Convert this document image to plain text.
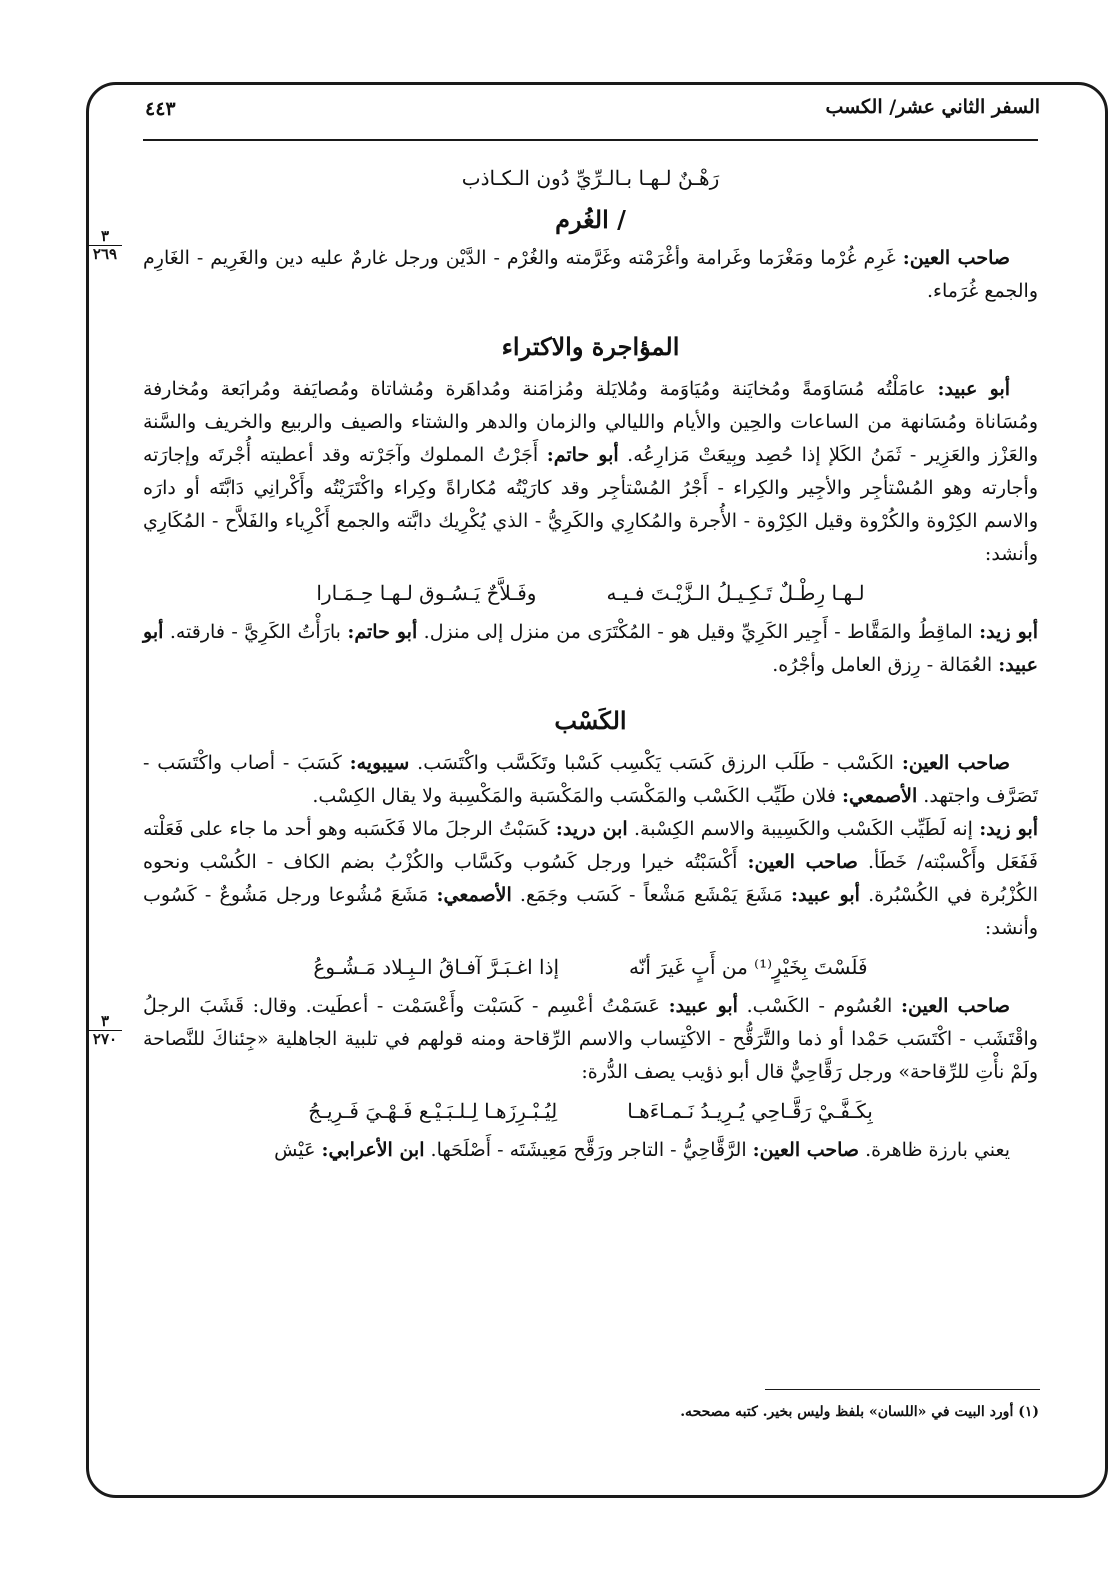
السفر الثاني عشر/ الكسب
٤٤٣
٣
٢٦٩
٣
٢٧٠
رَهْـنٌ لـهـا بـالـرِّيِّ دُون الـكـاذب
/ الغُرم

صاحب العين: غَرِم غُرْما ومَغْرَما وغَرامة وأغْرَمْته وغَرَّمته والغُرْم - الدَّيْن ورجل غارمٌ عليه دين والغَرِيم - الغَارِم والجمع غُرَماء.

المؤاجرة والاكتراء

أبو عبيد: عامَلْتُه مُسَاوَمةً ومُخايَنة ومُيَاوَمة ومُلايَلة ومُزامَنة ومُداهَرة ومُشاتاة ومُصايَفة ومُرابَعة ومُخارفة ومُسَاناة ومُسَانهة من الساعات والحِين والأيام والليالي والزمان والدهر والشتاء والصيف والربيع والخريف والسَّنة والعَزْز والعَزِير - ثَمَنُ الكَلإ إذا حُصِد وبِيعَتْ مَزارِعُه. أبو حاتم: أَجَرْتُ المملوك وآجَرْته وقد أعطيته أُجْرتَه وإجارَته وأجارته وهو المُسْتأجِر والأجِير والكِراء - أَجْرُ المُسْتأجِر وقد كارَيْتُه مُكاراةً وكِراء واكْتَرَيْتُه وأَكْرانِي دَابَّتَه أو دارَه والاسم الكِرْوة والكُرْوة وقيل الكِرْوة - الأُجرة والمُكارِي والكَرِيُّ - الذي يُكْرِيك دابَّته والجمع أَكْرِياء والفَلاَّح - المُكَارِي وأنشد:

لـهـا رِطْـلٌ تَـكِـيـلُ الـزَّيْـتَ فـيـه
وفَـلاَّحٌ يَـسُـوق لـهـا حِـمَـارا

أبو زيد: الماقِطُ والمَقَّاط - أَجِير الكَرِيِّ وقيل هو - المُكْتَرَى من منزل إلى منزل. أبو حاتم: بارَأْتُ الكَرِيَّ - فارقته. أبو عبيد: العُمَالة - رِزق العامل وأجْرُه.

الكَسْب

صاحب العين: الكَسْب - طَلَب الرزق كَسَب يَكْسِب كَسْبا وتَكَسَّب واكْتَسَب. سيبويه: كَسَبَ - أصاب واكْتَسَب - تَصَرَّف واجتهد. الأصمعي: فلان طَيِّب الكَسْب والمَكْسَب والمَكْسَبة والمَكْسِبة ولا يقال الكِسْب.

أبو زيد: إنه لَطَيِّب الكَسْب والكَسِيبة والاسم الكِسْبة. ابن دريد: كَسَبْتُ الرجلَ مالا فَكَسَبه وهو أحد ما جاء على فَعَلْته فَفَعَل وأَكْسبْته/ خَطَأ. صاحب العين: أَكْسَبْتُه خيرا ورجل كَسُوب وكَسَّاب والكُزْبُ بضم الكاف - الكُسْب ونحوه الكُزْبُرة في الكُسْبُرة. أبو عبيد: مَشَعَ يَمْشَع مَشْعاً - كَسَب وجَمَع. الأصمعي: مَشَعَ مُشُوعا ورجل مَشُوعٌ - كَسُوب وأنشد:

فَلَسْتَ بِخَيْرٍ⁽¹⁾ من أَبٍ غَيرَ أنّه
إذا اغـبَـرَّ آفـاقُ الـبِـلاد مَـشُـوعُ

صاحب العين: العُسُوم - الكَسْب. أبو عبيد: عَسَمْتُ أعْسِم - كَسَبْت وأَعْسَمْت - أعطَيت. وقال: قَشَبَ الرجلُ واقْتَشَب - اكْتَسَب حَمْدا أو ذما والتَّرَقُّح - الاكْتِساب والاسم الرِّقاحة ومنه قولهم في تلبية الجاهلية «جِئناكَ للنَّصاحة ولَمْ نأْتِ للرِّقاحة» ورجل رَقَّاحِيٌّ قال أبو ذؤيب يصف الدُّرة:

بِكَـفَّـيْ رَقَّـاحِي يُـرِيـدُ نَـمـاءَهـا
لِيُـبْـرِزَهـا لِـلـبَـيْـع فَـهْـيَ فَـرِيـجُ

يعني بارزة ظاهرة. صاحب العين: الرَّقَّاحِيُّ - التاجر ورَقَّح مَعِيشَتَه - أَصْلَحَها. ابن الأعرابي: عَيْش

(١) أورد البيت في «اللسان» بلفظ وليس بخير. كتبه مصححه.
